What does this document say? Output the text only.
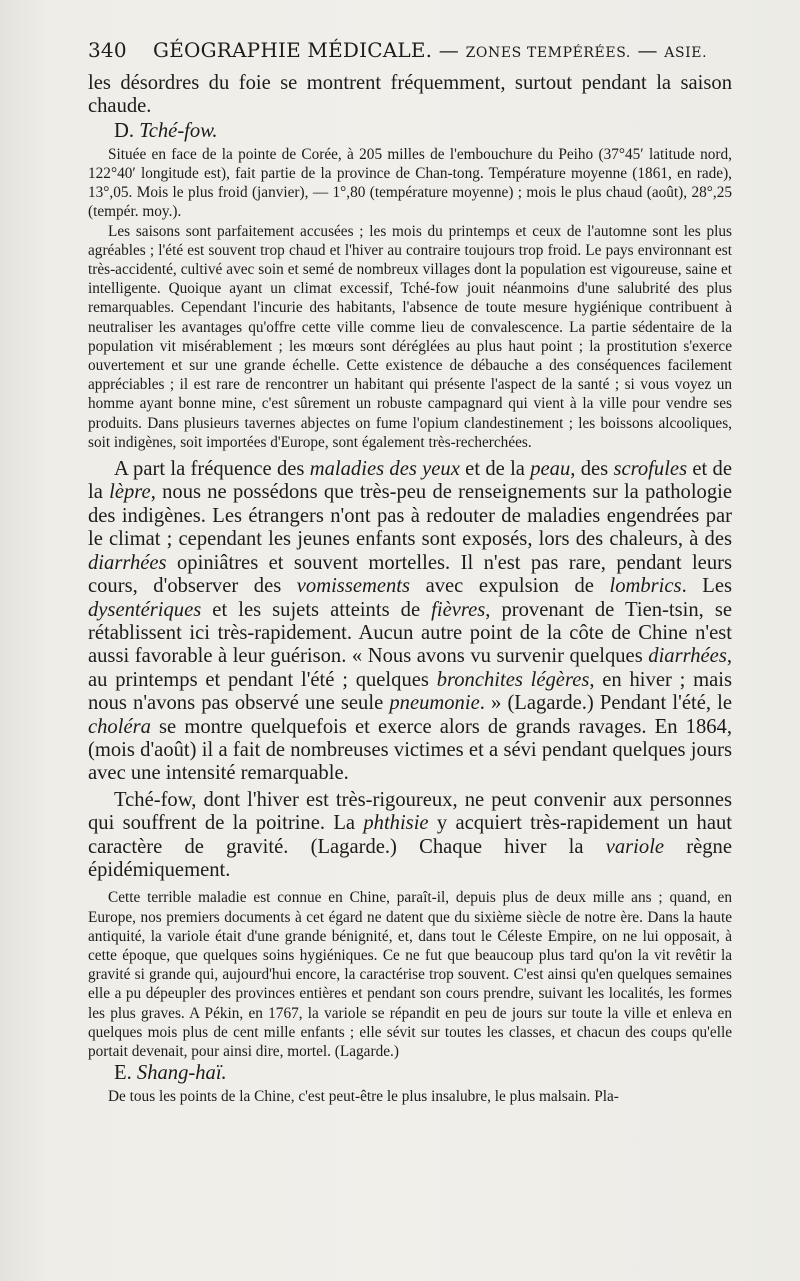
340 GÉOGRAPHIE MÉDICALE. — ZONES TEMPÉRÉES. — ASIE.

les désordres du foie se montrent fréquemment, surtout pendant la saison chaude.

D. Tché-fow.

Située en face de la pointe de Corée, à 205 milles de l'embouchure du Peiho (37°45′ latitude nord, 122°40′ longitude est), fait partie de la province de Chan-tong. Température moyenne (1861, en rade), 13°,05. Mois le plus froid (janvier), — 1°,80 (température moyenne) ; mois le plus chaud (août), 28°,25 (tempér. moy.).

Les saisons sont parfaitement accusées ; les mois du printemps et ceux de l'automne sont les plus agréables ; l'été est souvent trop chaud et l'hiver au contraire toujours trop froid. Le pays environnant est très-accidenté, cultivé avec soin et semé de nombreux villages dont la population est vigoureuse, saine et intelligente. Quoique ayant un climat excessif, Tché-fow jouit néanmoins d'une salubrité des plus remarquables. Cependant l'incurie des habitants, l'absence de toute mesure hygiénique contribuent à neutraliser les avantages qu'offre cette ville comme lieu de convalescence. La partie sédentaire de la population vit misérablement ; les mœurs sont déréglées au plus haut point ; la prostitution s'exerce ouvertement et sur une grande échelle. Cette existence de débauche a des conséquences facilement appréciables ; il est rare de rencontrer un habitant qui présente l'aspect de la santé ; si vous voyez un homme ayant bonne mine, c'est sûrement un robuste campagnard qui vient à la ville pour vendre ses produits. Dans plusieurs tavernes abjectes on fume l'opium clandestinement ; les boissons alcooliques, soit indigènes, soit importées d'Europe, sont également très-recherchées.

A part la fréquence des maladies des yeux et de la peau, des scrofules et de la lèpre, nous ne possédons que très-peu de renseignements sur la pathologie des indigènes. Les étrangers n'ont pas à redouter de maladies engendrées par le climat ; cependant les jeunes enfants sont exposés, lors des chaleurs, à des diarrhées opiniâtres et souvent mortelles. Il n'est pas rare, pendant leurs cours, d'observer des vomissements avec expulsion de lombrics. Les dysentériques et les sujets atteints de fièvres, provenant de Tien-tsin, se rétablissent ici très-rapidement. Aucun autre point de la côte de Chine n'est aussi favorable à leur guérison. « Nous avons vu survenir quelques diarrhées, au printemps et pendant l'été ; quelques bronchites légères, en hiver ; mais nous n'avons pas observé une seule pneumonie. » (Lagarde.) Pendant l'été, le choléra se montre quelquefois et exerce alors de grands ravages. En 1864, (mois d'août) il a fait de nombreuses victimes et a sévi pendant quelques jours avec une intensité remarquable.

Tché-fow, dont l'hiver est très-rigoureux, ne peut convenir aux personnes qui souffrent de la poitrine. La phthisie y acquiert très-rapidement un haut caractère de gravité. (Lagarde.) Chaque hiver la variole règne épidémiquement.

Cette terrible maladie est connue en Chine, paraît-il, depuis plus de deux mille ans ; quand, en Europe, nos premiers documents à cet égard ne datent que du sixième siècle de notre ère. Dans la haute antiquité, la variole était d'une grande bénignité, et, dans tout le Céleste Empire, on ne lui opposait, à cette époque, que quelques soins hygiéniques. Ce ne fut que beaucoup plus tard qu'on la vit revêtir la gravité si grande qui, aujourd'hui encore, la caractérise trop souvent. C'est ainsi qu'en quelques semaines elle a pu dépeupler des provinces entières et pendant son cours prendre, suivant les localités, les formes les plus graves. A Pékin, en 1767, la variole se répandit en peu de jours sur toute la ville et enleva en quelques mois plus de cent mille enfants ; elle sévit sur toutes les classes, et chacun des coups qu'elle portait devenait, pour ainsi dire, mortel. (Lagarde.)

E. Shang-haï.

De tous les points de la Chine, c'est peut-être le plus insalubre, le plus malsain. Pla-
